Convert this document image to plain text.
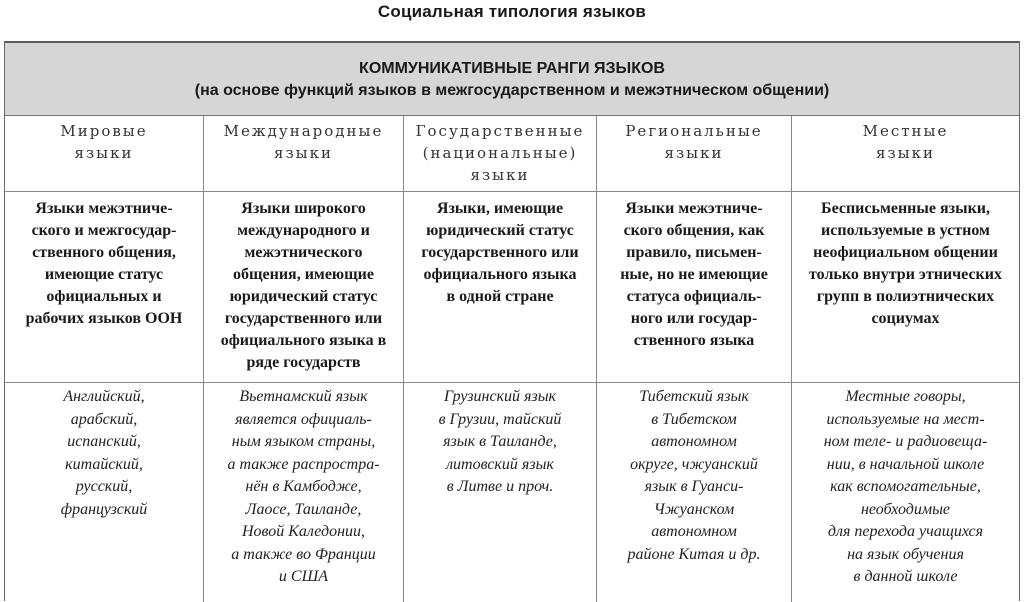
Социальная типология языков
КОММУНИКАТИВНЫЕ РАНГИ ЯЗЫКОВ
(на основе функций языков в межгосударственном и межэтническом общении)
Мировые
языки
Международные
языки
Государственные
(национальные)
языки
Региональные
языки
Местные
языки
Языки межэтниче-
ского и межгосудар-
ственного общения,
имеющие статус
официальных и
рабочих языков ООН
Языки широкого
международного и
межэтнического
общения, имеющие
юридический статус
государственного или
официального языка в
ряде государств
Языки, имеющие
юридический статус
государственного или
официального языка
в одной стране
Языки межэтниче-
ского общения, как
правило, письмен-
ные, но не имеющие
статуса официаль-
ного или государ-
ственного языка
Бесписьменные языки,
используемые в устном
неофициальном общении
только внутри этнических
групп в полиэтнических
социумах
Английский,
арабский,
испанский,
китайский,
русский,
французский
Вьетнамский язык
является официаль-
ным языком страны,
а также распростра-
нён в Камбодже,
Лаосе, Таиланде,
Новой Каледонии,
а также во Франции
и США
Грузинский язык
в Грузии, тайский
язык в Таиланде,
литовский язык
в Литве и проч.
Тибетский язык
в Тибетском
автономном
округе, чжуанский
язык в Гуанси-
Чжуанском
автономном
районе Китая и др.
Местные говоры,
используемые на мест-
ном теле- и радиовеща-
нии, в начальной школе
как вспомогательные,
необходимые
для перехода учащихся
на язык обучения
в данной школе
